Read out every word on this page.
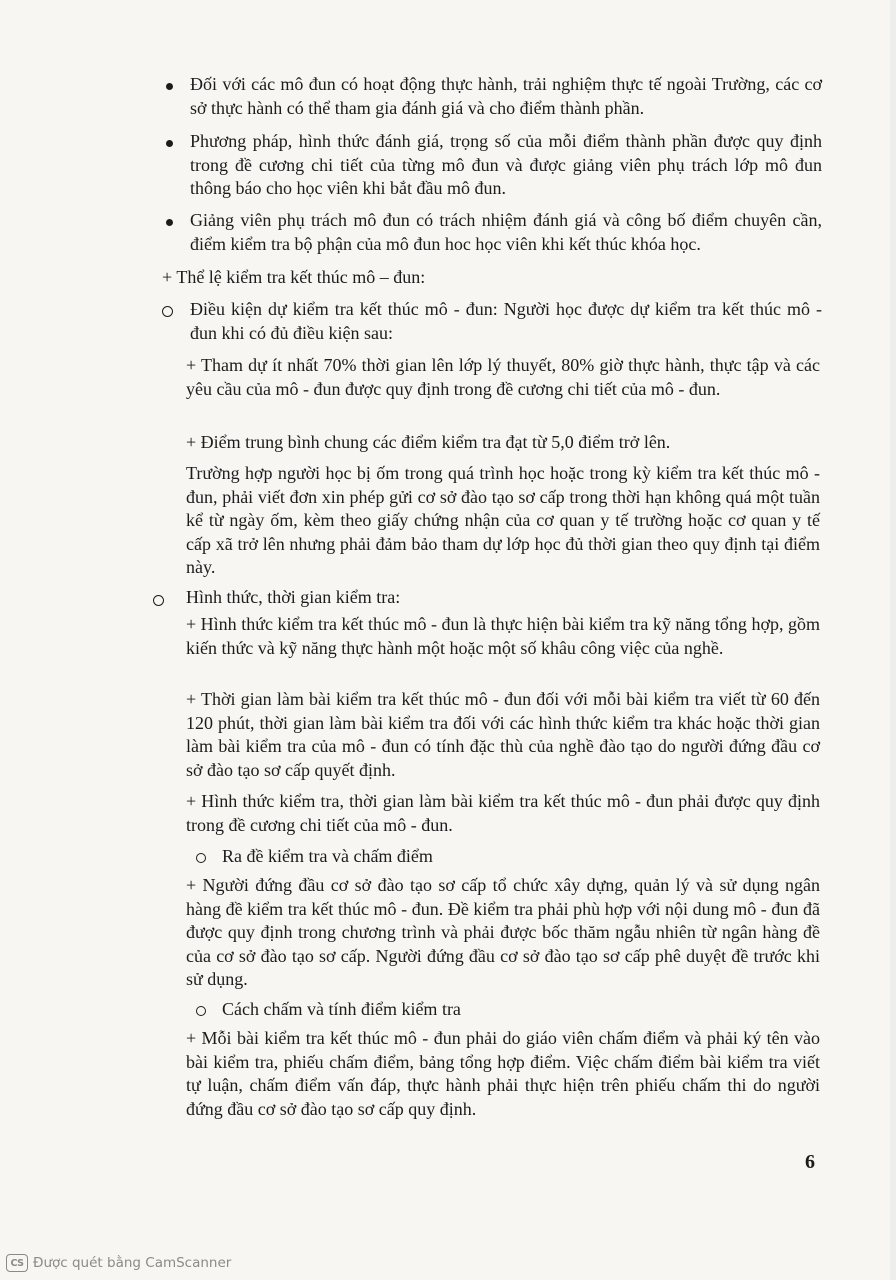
Đối với các mô đun có hoạt động thực hành, trải nghiệm thực tế ngoài Trường, các cơ sở thực hành có thể tham gia đánh giá và cho điểm thành phần.

Phương pháp, hình thức đánh giá, trọng số của mỗi điểm thành phần được quy định trong đề cương chi tiết của từng mô đun và được giảng viên phụ trách lớp mô đun thông báo cho học viên khi bắt đầu mô đun.

Giảng viên phụ trách mô đun có trách nhiệm đánh giá và công bố điểm chuyên cần, điểm kiểm tra bộ phận của mô đun hoc học viên khi kết thúc khóa học.

+ Thể lệ kiểm tra kết thúc mô – đun:

Điều kiện dự kiểm tra kết thúc mô - đun: Người học được dự kiểm tra kết thúc mô - đun khi có đủ điều kiện sau:

+ Tham dự ít nhất 70% thời gian lên lớp lý thuyết, 80% giờ thực hành, thực tập và các yêu cầu của mô - đun được quy định trong đề cương chi tiết của mô - đun.

+ Điểm trung bình chung các điểm kiểm tra đạt từ 5,0 điểm trở lên.

Trường hợp người học bị ốm trong quá trình học hoặc trong kỳ kiểm tra kết thúc mô - đun, phải viết đơn xin phép gửi cơ sở đào tạo sơ cấp trong thời hạn không quá một tuần kể từ ngày ốm, kèm theo giấy chứng nhận của cơ quan y tế trường hoặc cơ quan y tế cấp xã trở lên nhưng phải đảm bảo tham dự lớp học đủ thời gian theo quy định tại điểm này.

Hình thức, thời gian kiểm tra:

+ Hình thức kiểm tra kết thúc mô - đun là thực hiện bài kiểm tra kỹ năng tổng hợp, gồm kiến thức và kỹ năng thực hành một hoặc một số khâu công việc của nghề.

+ Thời gian làm bài kiểm tra kết thúc mô - đun đối với mỗi bài kiểm tra viết từ 60 đến 120 phút, thời gian làm bài kiểm tra đối với các hình thức kiểm tra khác hoặc thời gian làm bài kiểm tra của mô - đun có tính đặc thù của nghề đào tạo do người đứng đầu cơ sở đào tạo sơ cấp quyết định.

+ Hình thức kiểm tra, thời gian làm bài kiểm tra kết thúc mô - đun phải được quy định trong đề cương chi tiết của mô - đun.

Ra đề kiểm tra và chấm điểm

+ Người đứng đầu cơ sở đào tạo sơ cấp tổ chức xây dựng, quản lý và sử dụng ngân hàng đề kiểm tra kết thúc mô - đun. Đề kiểm tra phải phù hợp với nội dung mô - đun đã được quy định trong chương trình và phải được bốc thăm ngẫu nhiên từ ngân hàng đề của cơ sở đào tạo sơ cấp. Người đứng đầu cơ sở đào tạo sơ cấp phê duyệt đề trước khi sử dụng.

Cách chấm và tính điểm kiểm tra

+ Mỗi bài kiểm tra kết thúc mô - đun phải do giáo viên chấm điểm và phải ký tên vào bài kiểm tra, phiếu chấm điểm, bảng tổng hợp điểm. Việc chấm điểm bài kiểm tra viết tự luận, chấm điểm vấn đáp, thực hành phải thực hiện trên phiếu chấm thi do người đứng đầu cơ sở đào tạo sơ cấp quy định.

6
CS Được quét bằng CamScanner
